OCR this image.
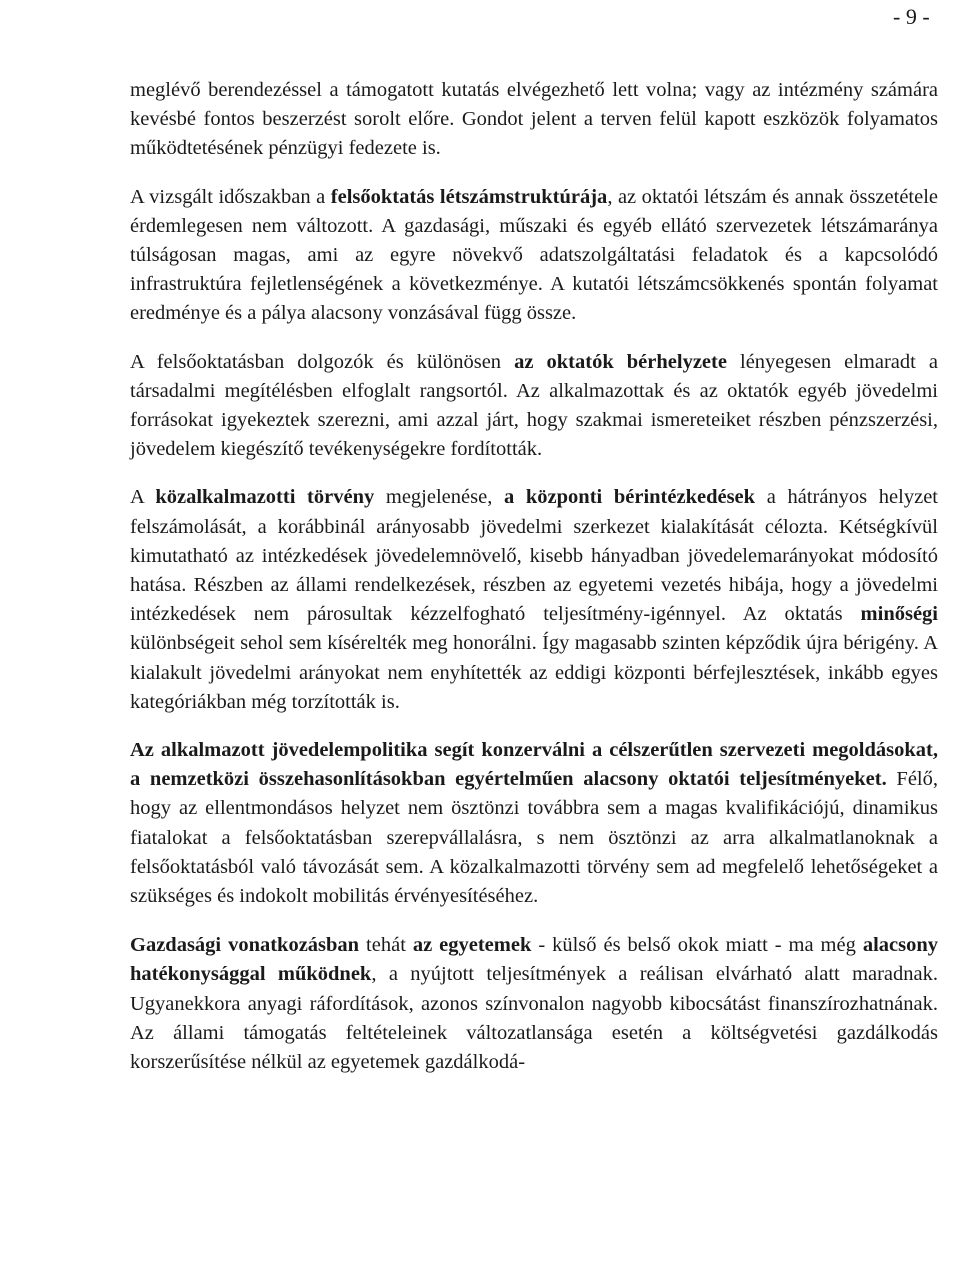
- 9 -

meglévő berendezéssel a támogatott kutatás elvégezhető lett volna; vagy az intézmény számára kevésbé fontos beszerzést sorolt előre. Gondot jelent a terven felül kapott eszközök folyamatos működtetésének pénzügyi fedezete is.

A vizsgált időszakban a felsőoktatás létszámstruktúrája, az oktatói létszám és annak összetétele érdemlegesen nem változott. A gazdasági, műszaki és egyéb ellátó szervezetek létszámaránya túlságosan magas, ami az egyre növekvő adatszolgáltatási feladatok és a kapcsolódó infrastruktúra fejletlenségének a következménye. A kutatói létszámcsökkenés spontán folyamat eredménye és a pálya alacsony vonzásával függ össze.

A felsőoktatásban dolgozók és különösen az oktatók bérhelyzete lényegesen elmaradt a társadalmi megítélésben elfoglalt rangsortól. Az alkalmazottak és az oktatók egyéb jövedelmi forrásokat igyekeztek szerezni, ami azzal járt, hogy szakmai ismereteiket részben pénzszerzési, jövedelem kiegészítő tevékenységekre fordították.

A közalkalmazotti törvény megjelenése, a központi bérintézkedések a hátrányos helyzet felszámolását, a korábbinál arányosabb jövedelmi szerkezet kialakítását célozta. Kétségkívül kimutatható az intézkedések jövedelemnövelő, kisebb hányadban jövedelemarányokat módosító hatása. Részben az állami rendelkezések, részben az egyetemi vezetés hibája, hogy a jövedelmi intézkedések nem párosultak kézzelfogható teljesítmény-igénnyel. Az oktatás minőségi különbségeit sehol sem kísérelték meg honorálni. Így magasabb szinten képződik újra bérigény. A kialakult jövedelmi arányokat nem enyhítették az eddigi központi bérfejlesztések, inkább egyes kategóriákban még torzították is.

Az alkalmazott jövedelempolitika segít konzerválni a célszerűtlen szervezeti megoldásokat, a nemzetközi összehasonlításokban egyértelműen alacsony oktatói teljesítményeket. Félő, hogy az ellentmondásos helyzet nem ösztönzi továbbra sem a magas kvalifikációjú, dinamikus fiatalokat a felsőoktatásban szerepvállalásra, s nem ösztönzi az arra alkalmatlanoknak a felsőoktatásból való távozását sem. A közalkalmazotti törvény sem ad megfelelő lehetőségeket a szükséges és indokolt mobilitás érvényesítéséhez.

Gazdasági vonatkozásban tehát az egyetemek - külső és belső okok miatt - ma még alacsony hatékonysággal működnek, a nyújtott teljesítmények a reálisan elvárható alatt maradnak. Ugyanekkora anyagi ráfordítások, azonos színvonalon nagyobb kibocsátást finanszírozhatnának. Az állami támogatás feltételeinek változatlansága esetén a költségvetési gazdálkodás korszerűsítése nélkül az egyetemek gazdálkodá-
